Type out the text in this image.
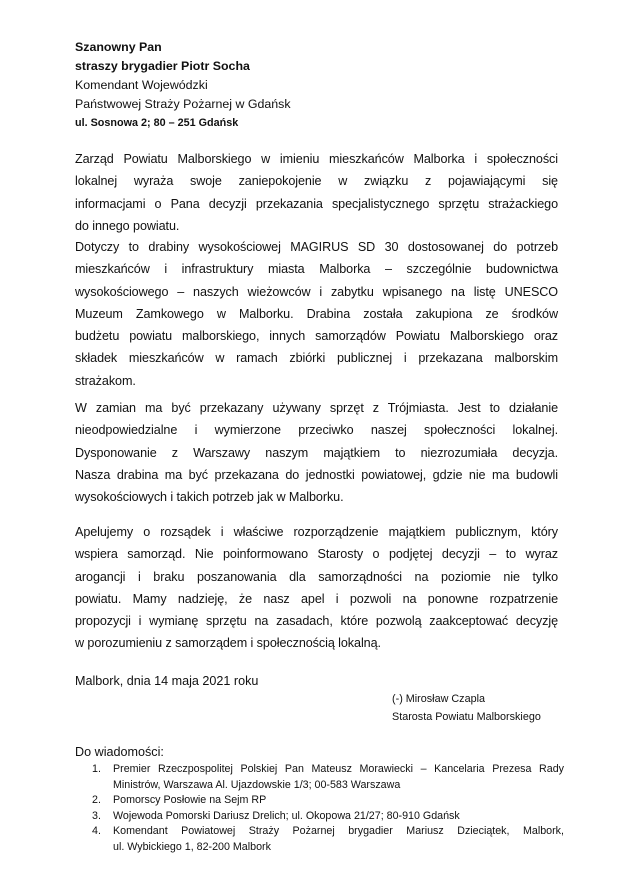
Szanowny Pan
straszy brygadier Piotr Socha
Komendant Wojewódzki
Państwowej Straży Pożarnej w Gdańsk
ul. Sosnowa 2; 80 – 251 Gdańsk
Zarząd Powiatu Malborskiego w imieniu mieszkańców Malborka i społeczności
lokalnej wyraża swoje zaniepokojenie w związku z pojawiającymi się
informacjami o Pana decyzji przekazania specjalistycznego sprzętu strażackiego
do innego powiatu.
Dotyczy to drabiny wysokościowej MAGIRUS SD 30 dostosowanej do potrzeb
mieszkańców i infrastruktury miasta Malborka – szczególnie budownictwa
wysokościowego – naszych wieżowców i zabytku wpisanego na listę UNESCO
Muzeum Zamkowego w Malborku. Drabina została zakupiona ze środków
budżetu powiatu malborskiego, innych samorządów Powiatu Malborskiego oraz
składek mieszkańców w ramach zbiórki publicznej i przekazana malborskim
strażakom.
W zamian ma być przekazany używany sprzęt z Trójmiasta. Jest to działanie
nieodpowiedzialne i wymierzone przeciwko naszej społeczności lokalnej.
Dysponowanie z Warszawy naszym majątkiem to niezrozumiała decyzja.
Nasza drabina ma być przekazana do jednostki powiatowej, gdzie nie ma budowli
wysokościowych i takich potrzeb jak w Malborku.
Apelujemy o rozsądek i właściwe rozporządzenie majątkiem publicznym, który
wspiera samorząd. Nie poinformowano Starosty o podjętej decyzji – to wyraz
arogancji i braku poszanowania dla samorządności na poziomie nie tylko
powiatu. Mamy nadzieję, że nasz apel i pozwoli na ponowne rozpatrzenie
propozycji i wymianę sprzętu na zasadach, które pozwolą zaakceptować decyzję
w porozumieniu z samorządem i społecznością lokalną.
Malbork, dnia 14 maja 2021 roku
(-) Mirosław Czapla
Starosta Powiatu Malborskiego
Do wiadomości:
1. Premier Rzeczpospolitej Polskiej Pan Mateusz Morawiecki – Kancelaria Prezesa Rady
Ministrów, Warszawa Al. Ujazdowskie 1/3; 00-583 Warszawa
2. Pomorscy Posłowie na Sejm RP
3. Wojewoda Pomorski Dariusz Drelich; ul. Okopowa 21/27; 80-910 Gdańsk
4. Komendant Powiatowej Straży Pożarnej brygadier Mariusz Dzieciątek, Malbork,
ul. Wybickiego 1, 82-200 Malbork
